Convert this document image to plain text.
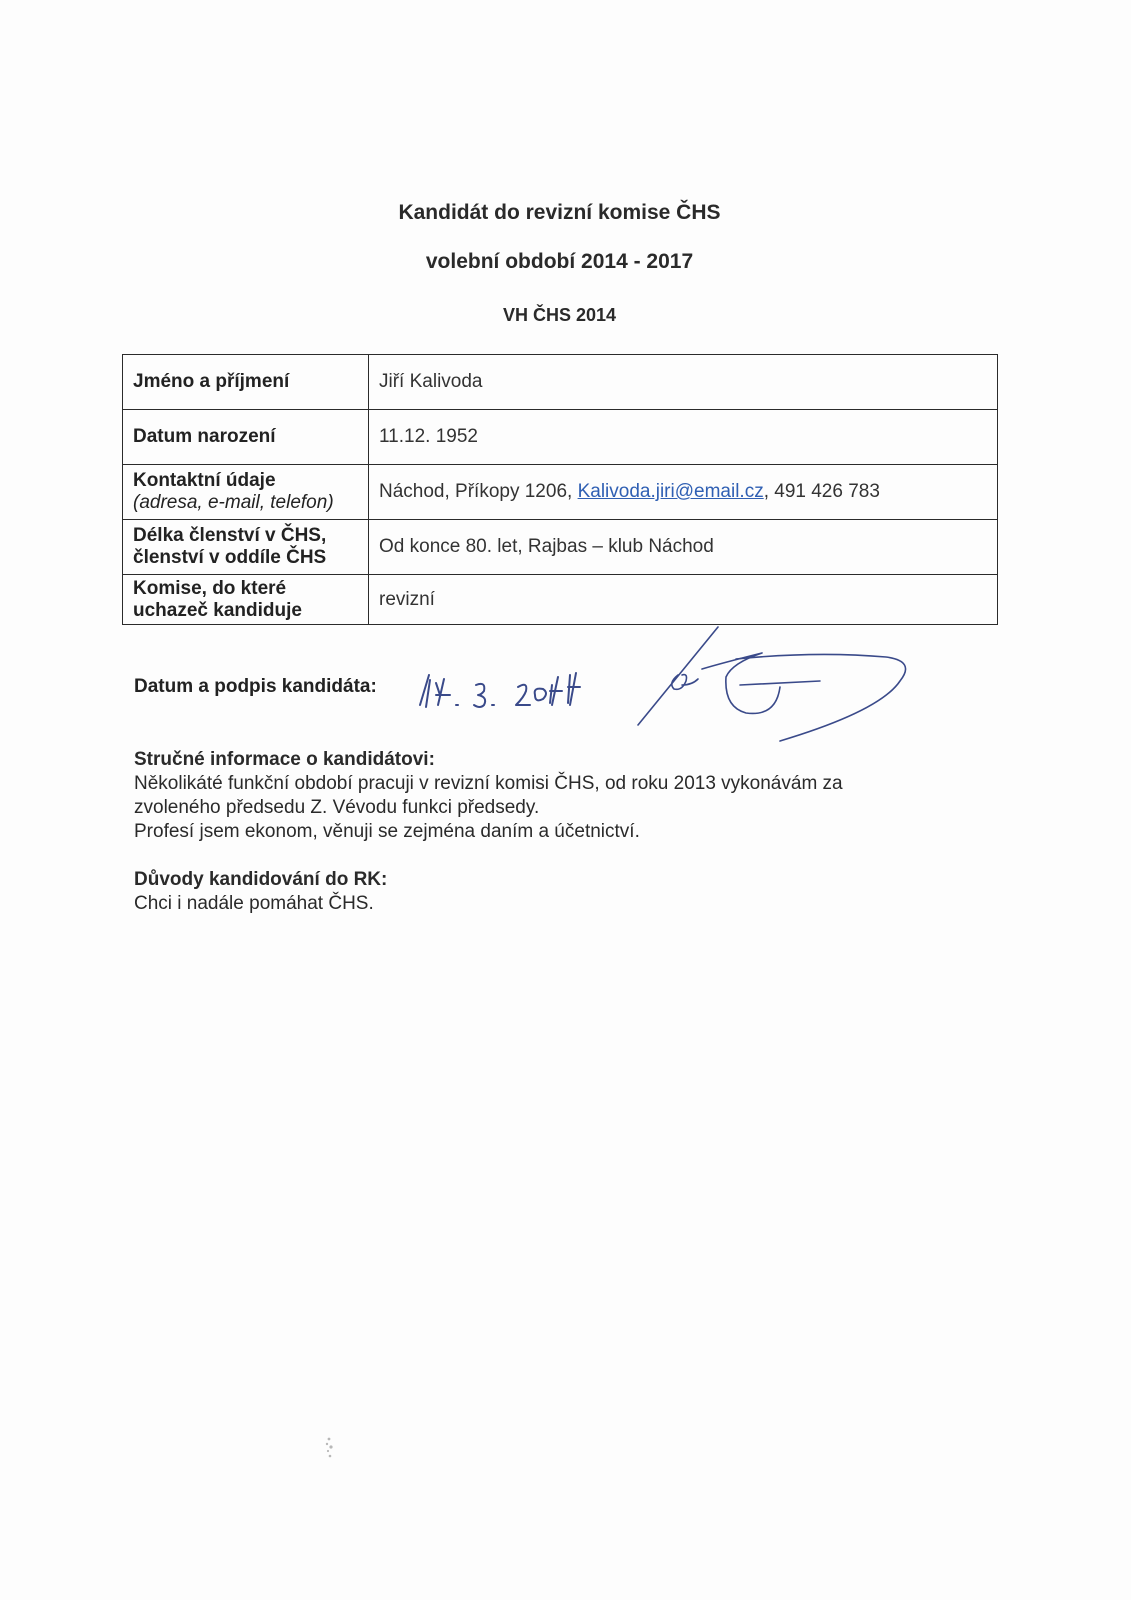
Kandidát do revizní komise ČHS
volební období 2014 - 2017
VH ČHS 2014
Jméno a příjmení	Jiří Kalivoda
Datum narození	11.12. 1952

Kontaktní údaje
(adresa, e-mail, telefon)	Náchod, Příkopy 1206, Kalivoda.jiri@email.cz, 491 426 783

Délka členství v ČHS,
členství v oddíle ČHS	Od konce 80. let, Rajbas – klub Náchod

Komise, do které
uchazeč kandiduje	revizní
Datum a podpis kandidáta:
Stručné informace o kandidátovi:
Několikáté funkční období pracuji v revizní komisi ČHS, od roku 2013 vykonávám za
zvoleného předsedu Z. Vévodu funkci předsedy.
Profesí jsem ekonom, věnuji se zejména daním a účetnictví.
Důvody kandidování do RK:
Chci i nadále pomáhat ČHS.
